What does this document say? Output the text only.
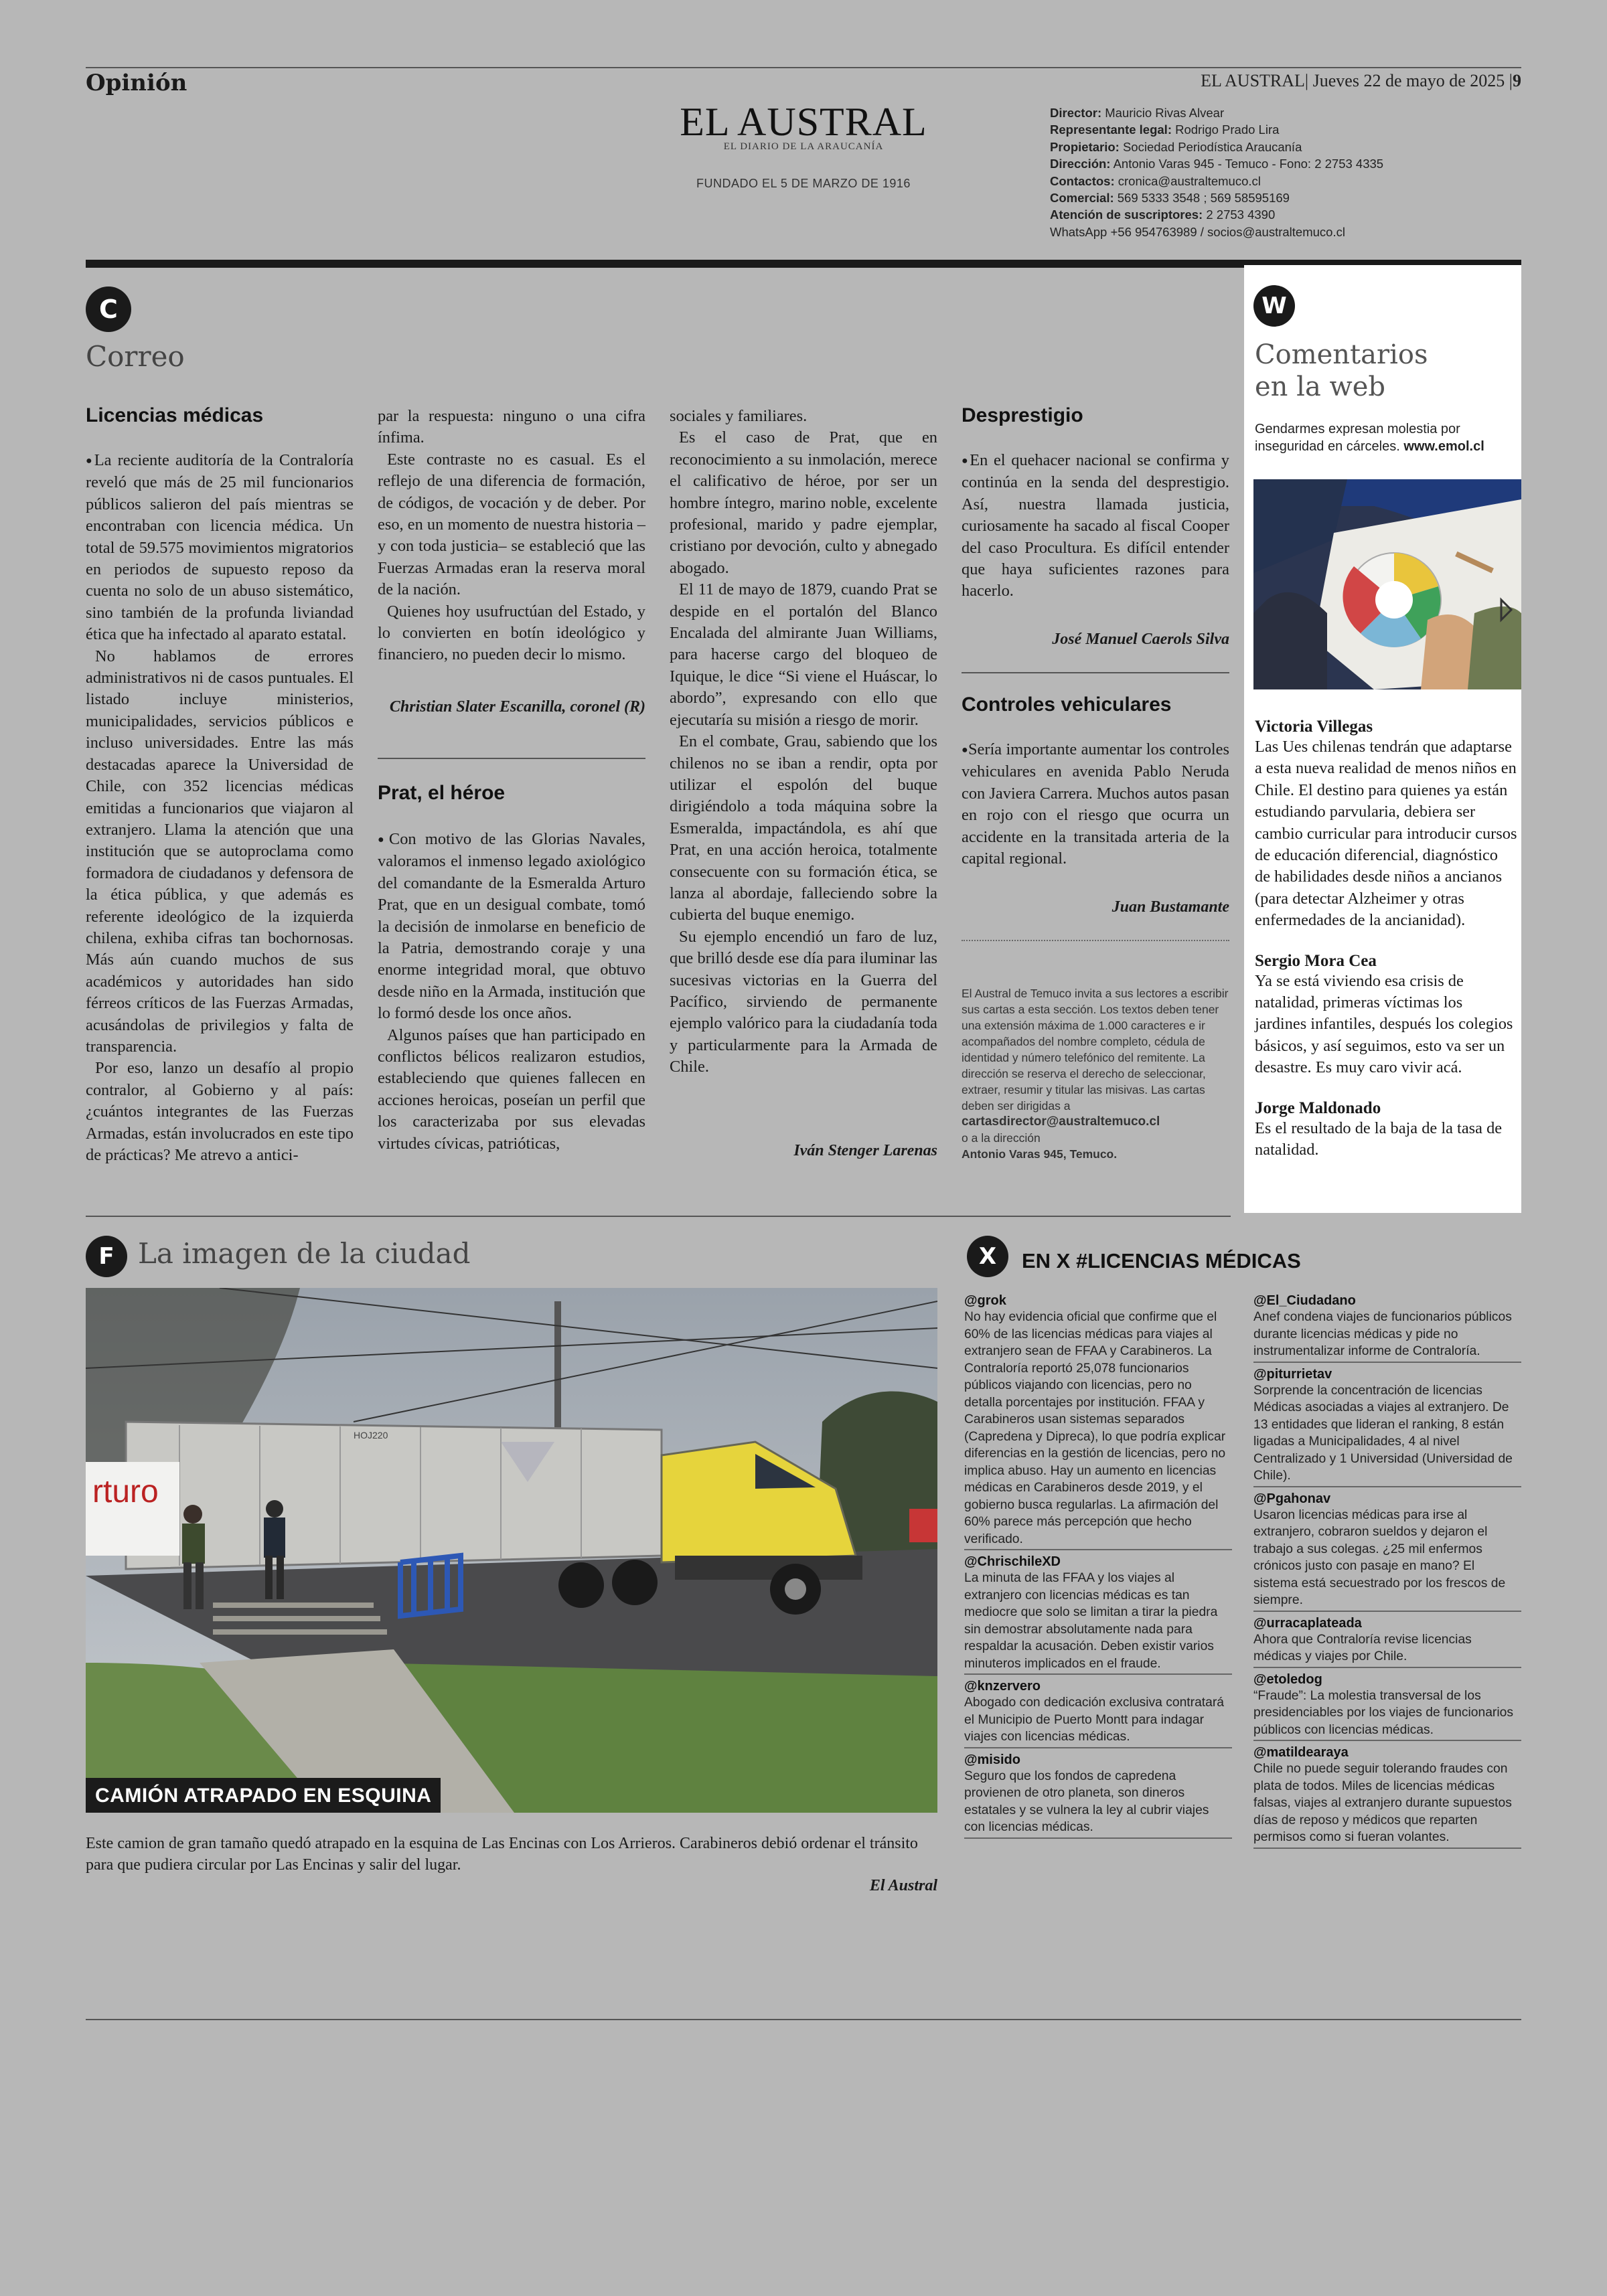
Opinión	EL AUSTRAL| Jueves 22 de mayo de 2025 |9
EL AUSTRAL
EL DIARIO DE LA ARAUCANÍA
FUNDADO EL 5 DE MARZO DE 1916
Director: Mauricio Rivas Alvear
Representante legal: Rodrigo Prado Lira
Propietario: Sociedad Periodística Araucanía
Dirección: Antonio Varas 945 - Temuco - Fono: 2 2753 4335
Contactos: cronica@australtemuco.cl
Comercial: 569 5333 3548 ; 569 58595169
Atención de suscriptores: 2 2753 4390
WhatsApp +56 954763989 / socios@australtemuco.cl
C
Correo
Licencias médicas

● La reciente auditoría de la Contraloría reveló que más de 25 mil funcionarios públicos salieron del país mientras se encontraban con licencia médica. Un total de 59.575 movimientos migratorios en periodos de supuesto reposo da cuenta no solo de un abuso sistemático, sino también de la profunda liviandad ética que ha infectado al aparato estatal.

No hablamos de errores administrativos ni de casos puntuales. El listado incluye ministerios, municipalidades, servicios públicos e incluso universidades. Entre las más destacadas aparece la Universidad de Chile, con 352 licencias médicas emitidas a funcionarios que viajaron al extranjero. Llama la atención que una institución que se autoproclama como formadora de ciudadanos y defensora de la ética pública, y que además es referente ideológico de la izquierda chilena, exhiba cifras tan bochornosas. Más aún cuando muchos de sus académicos y autoridades han sido férreos críticos de las Fuerzas Armadas, acusándolas de privilegios y falta de transparencia.

Por eso, lanzo un desafío al propio contralor, al Gobierno y al país: ¿cuántos integrantes de las Fuerzas Armadas, están involucrados en este tipo de prácticas? Me atrevo a antici-

par la respuesta: ninguno o una cifra ínfima.

Este contraste no es casual. Es el reflejo de una diferencia de formación, de códigos, de vocación y de deber. Por eso, en un momento de nuestra historia –y con toda justicia– se estableció que las Fuerzas Armadas eran la reserva moral de la nación.

Quienes hoy usufructúan del Estado, y lo convierten en botín ideológico y financiero, no pueden decir lo mismo.

Christian Slater Escanilla, coronel (R)
Prat, el héroe

● Con motivo de las Glorias Navales, valoramos el inmenso legado axiológico del comandante de la Esmeralda Arturo Prat, que en un desigual combate, tomó la decisión de inmolarse en beneficio de la Patria, demostrando coraje y una enorme integridad moral, que obtuvo desde niño en la Armada, institución que lo formó desde los once años.

Algunos países que han participado en conflictos bélicos realizaron estudios, estableciendo que quienes fallecen en acciones heroicas, poseían un perfil que los caracterizaba por sus elevadas virtudes cívicas, patrióticas,

sociales y familiares.

Es el caso de Prat, que en reconocimiento a su inmolación, merece el calificativo de héroe, por ser un hombre íntegro, marino noble, excelente profesional, marido y padre ejemplar, cristiano por devoción, culto y abnegado abogado.

El 11 de mayo de 1879, cuando Prat se despide en el portalón del Blanco Encalada del almirante Juan Williams, para hacerse cargo del bloqueo de Iquique, le dice “Si viene el Huáscar, lo abordo”, expresando con ello que ejecutaría su misión a riesgo de morir.

En el combate, Grau, sabiendo que los chilenos no se iban a rendir, opta por utilizar el espolón del buque dirigiéndolo a toda máquina sobre la Esmeralda, impactándola, es ahí que Prat, en una acción heroica, totalmente consecuente con su formación ética, se lanza al abordaje, falleciendo sobre la cubierta del buque enemigo.

Su ejemplo encendió un faro de luz, que brilló desde ese día para iluminar las sucesivas victorias en la Guerra del Pacífico, sirviendo de permanente ejemplo valórico para la ciudadanía toda y particularmente para la Armada de Chile.

Iván Stenger Larenas
Desprestigio

● En el quehacer nacional se confirma y continúa en la senda del desprestigio. Así, nuestra llamada justicia, curiosamente ha sacado al fiscal Cooper del caso Procultura. Es difícil entender que haya suficientes razones para hacerlo.

José Manuel Caerols Silva
Controles vehiculares

● Sería importante aumentar los controles vehiculares en avenida Pablo Neruda con Javiera Carrera. Muchos autos pasan en rojo con el riesgo que ocurra un accidente en la transitada arteria de la capital regional.

Juan Bustamante
El Austral de Temuco invita a sus lectores a escribir sus cartas a esta sección. Los textos deben tener una extensión máxima de 1.000 caracteres e ir acompañados del nombre completo, cédula de identidad y número telefónico del remitente. La dirección se reserva el derecho de seleccionar, extraer, resumir y titular las misivas. Las cartas deben ser dirigidas a
cartasdirector@australtemuco.cl
o a la dirección
Antonio Varas 945, Temuco.
W
Comentarios
en la web
Gendarmes expresan molestia por inseguridad en cárceles. www.emol.cl
Victoria Villegas
Las Ues chilenas tendrán que adaptarse a esta nueva realidad de menos niños en Chile. El destino para quienes ya están estudiando parvularia, debiera ser cambio curricular para introducir cursos de educación diferencial, diagnóstico de habilidades desde niños a ancianos (para detectar Alzheimer y otras enfermedades de la ancianidad).
Sergio Mora Cea
Ya se está viviendo esa crisis de natalidad, primeras víctimas los jardines infantiles, después los colegios básicos, y así seguimos, esto va ser un desastre. Es muy caro vivir acá.
Jorge Maldonado
Es el resultado de la baja de la tasa de natalidad.
F La imagen de la ciudad
HOJ220
rturo
CAMIÓN ATRAPADO EN ESQUINA
Este camion de gran tamaño quedó atrapado en la esquina de Las Encinas con Los Arrieros. Carabineros debió ordenar el tránsito para que pudiera circular por Las Encinas y salir del lugar.
El Austral
X	EN X #LICENCIAS MÉDICAS
@grok
No hay evidencia oficial que confirme que el 60% de las licencias médicas para viajes al extranjero sean de FFAA y Carabineros. La Contraloría reportó 25,078 funcionarios públicos viajando con licencias, pero no detalla porcentajes por institución. FFAA y Carabineros usan sistemas separados (Capredena y Dipreca), lo que podría explicar diferencias en la gestión de licencias, pero no implica abuso. Hay un aumento en licencias médicas en Carabineros desde 2019, y el gobierno busca regularlas. La afirmación del 60% parece más percepción que hecho verificado.
@ChrischileXD
La minuta de las FFAA y los viajes al extranjero con licencias médicas es tan mediocre que solo se limitan a tirar la piedra sin demostrar absolutamente nada para respaldar la acusación. Deben existir varios minuteros implicados en el fraude.
@knzervero
Abogado con dedicación exclusiva contratará el Municipio de Puerto Montt para indagar viajes con licencias médicas.
@misido
Seguro que los fondos de capredena provienen de otro planeta, son dineros estatales y se vulnera la ley al cubrir viajes con licencias médicas.
@El_Ciudadano
Anef condena viajes de funcionarios públicos durante licencias médicas y pide no instrumentalizar informe de Contraloría.
@piturrietav
Sorprende la concentración de licencias Médicas asociadas a viajes al extranjero. De 13 entidades que lideran el ranking, 8 están ligadas a Municipalidades, 4 al nivel Centralizado y 1 Universidad (Universidad de Chile).
@Pgahonav
Usaron licencias médicas para irse al extranjero, cobraron sueldos y dejaron el trabajo a sus colegas. ¿25 mil enfermos crónicos justo con pasaje en mano? El sistema está secuestrado por los frescos de siempre.
@urracaplateada
Ahora que Contraloría revise licencias médicas y viajes por Chile.
@etoledog
“Fraude”: La molestia transversal de los presidenciables por los viajes de funcionarios públicos con licencias médicas.
@matildearaya
Chile no puede seguir tolerando fraudes con plata de todos. Miles de licencias médicas falsas, viajes al extranjero durante supuestos días de reposo y médicos que reparten permisos como si fueran volantes.
